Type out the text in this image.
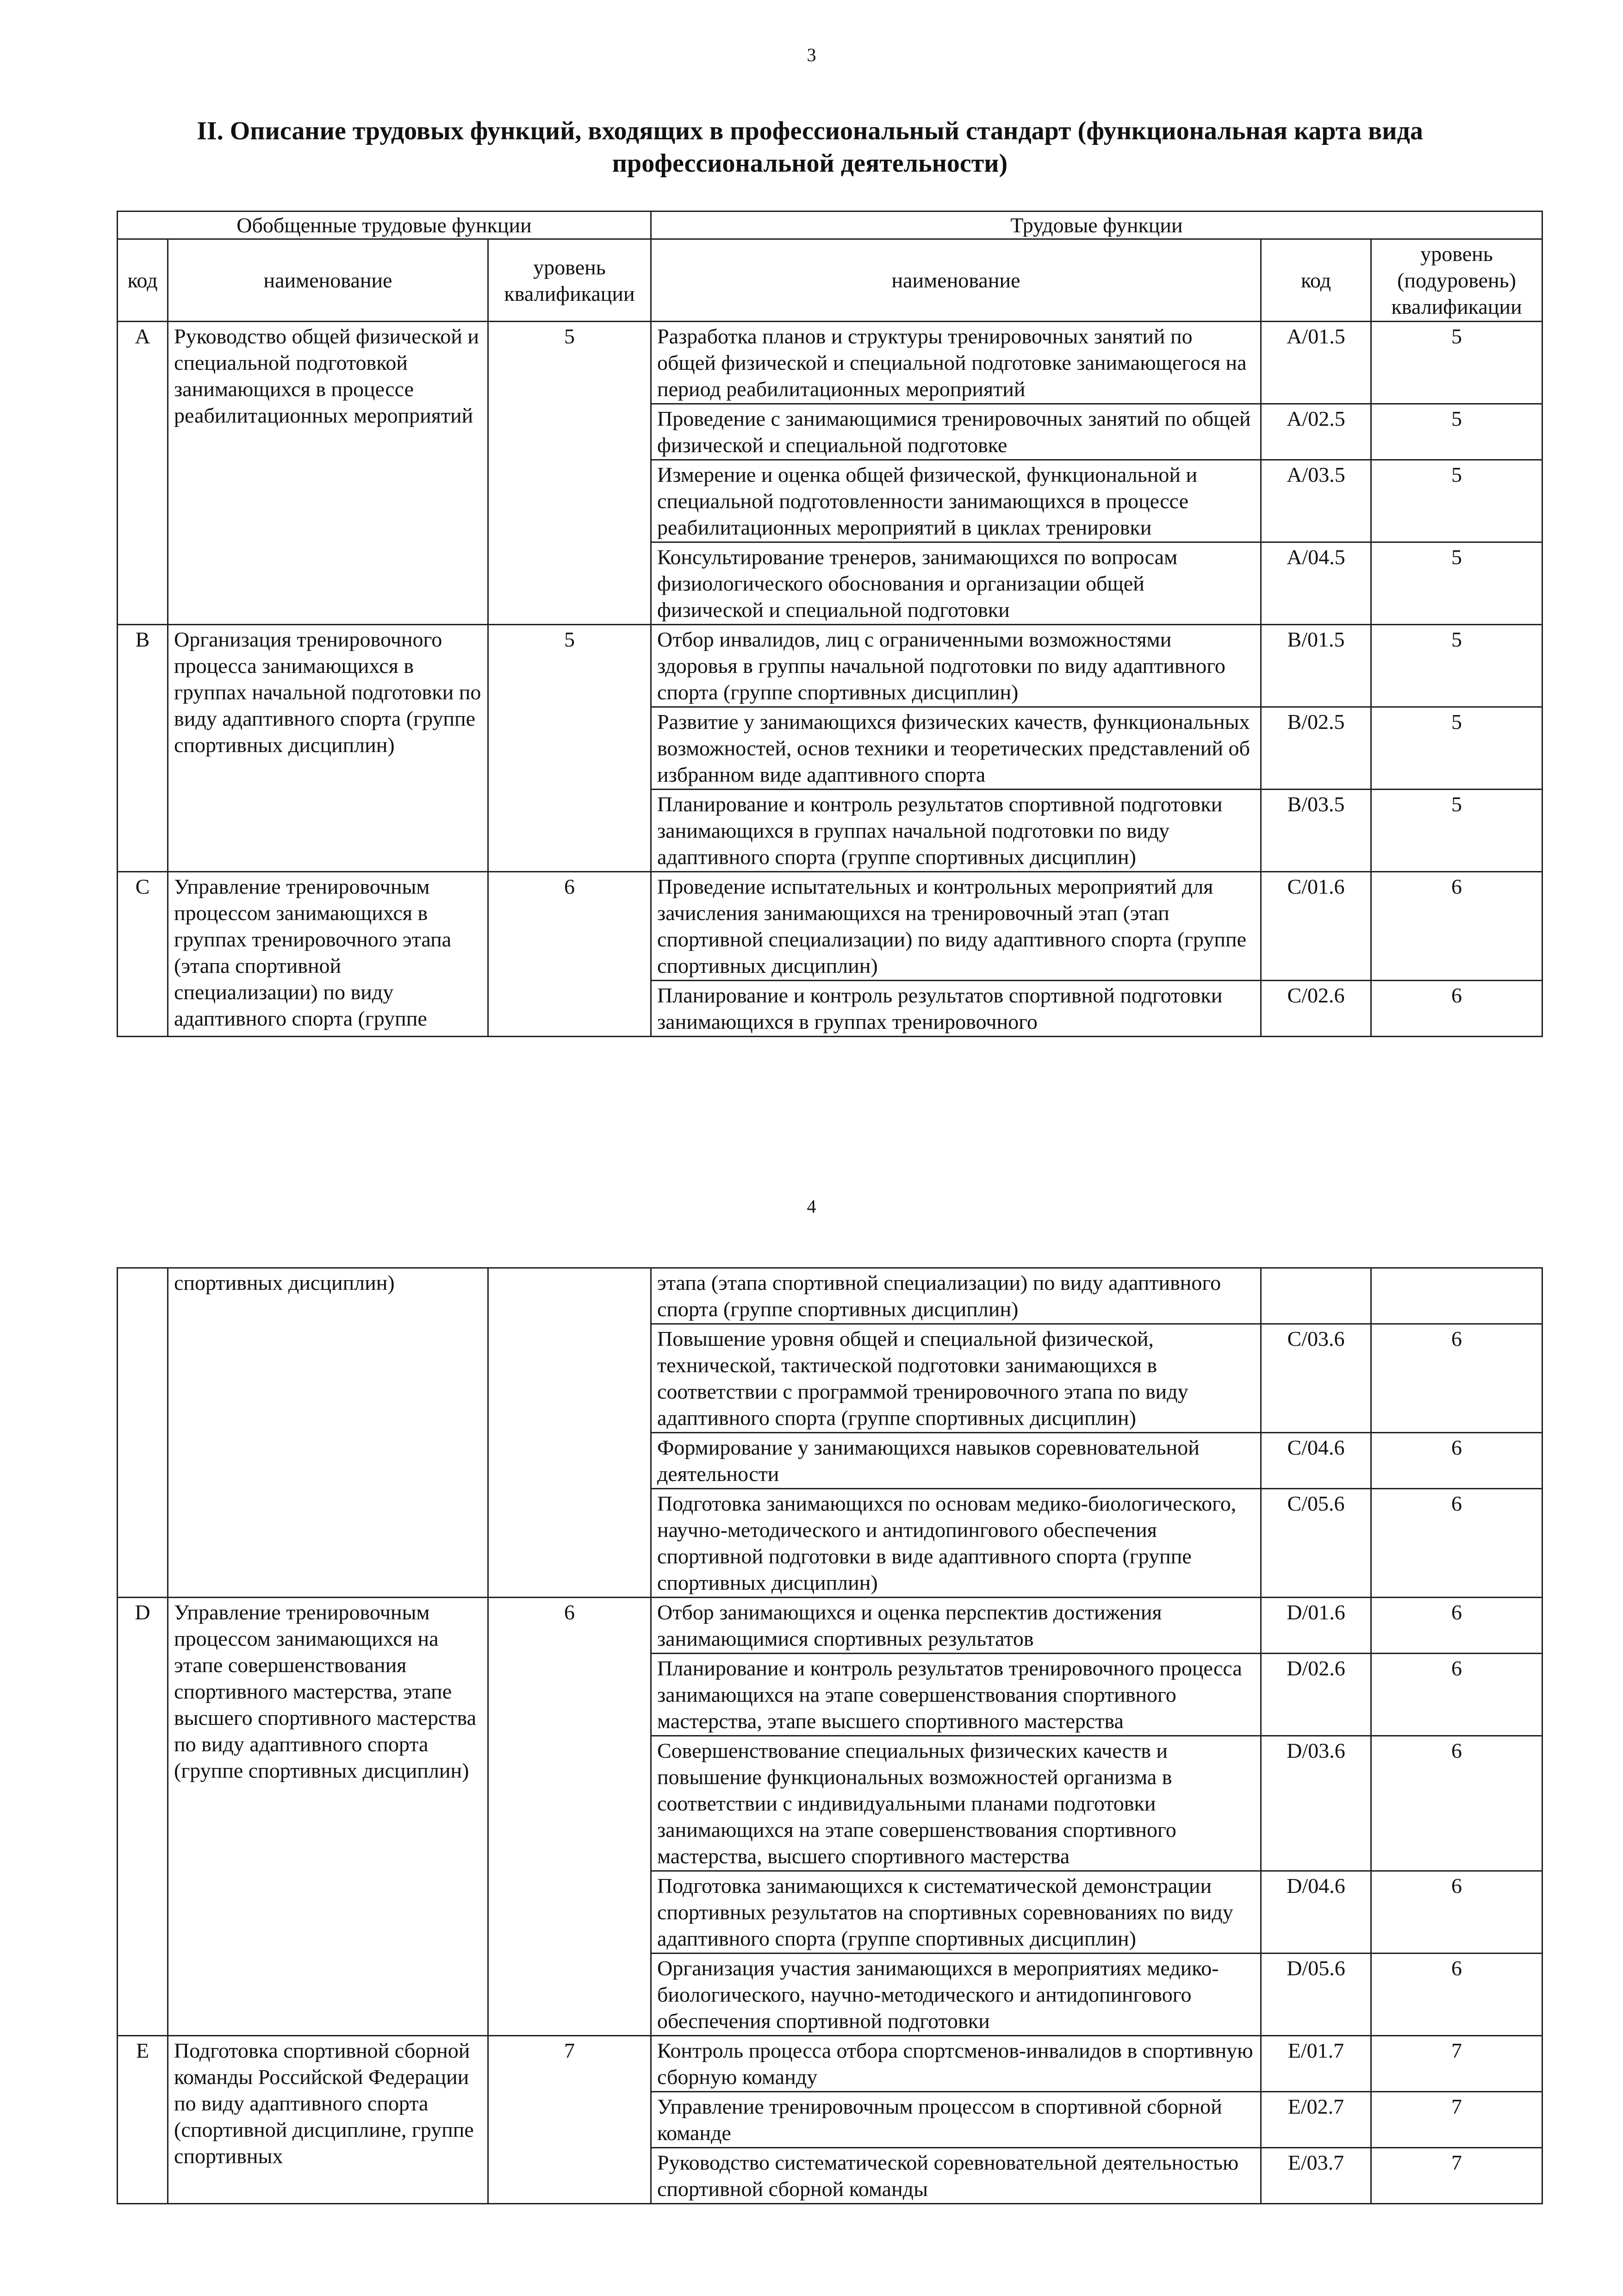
3
II. Описание трудовых функций, входящих в профессиональный стандарт (функциональная карта вида профессиональной деятельности)
Обобщенные трудовые функции			Трудовые функции		
код	наименование	уровень квалификации	наименование	код	уровень (подуровень) квалификации
A	Руководство общей физической и специальной подготовкой занимающихся в процессе реабилитационных мероприятий	5	Разработка планов и структуры тренировочных занятий по общей физической и специальной подготовке занимающегося на период реабилитационных мероприятий	A/01.5	5
			Проведение с занимающимися тренировочных занятий по общей физической и специальной подготовке	A/02.5	5
			Измерение и оценка общей физической, функциональной и специальной подготовленности занимающихся в процессе реабилитационных мероприятий в циклах тренировки	A/03.5	5
			Консультирование тренеров, занимающихся по вопросам физиологического обоснования и организации общей физической и специальной подготовки	A/04.5	5
B	Организация тренировочного процесса занимающихся в группах начальной подготовки по виду адаптивного спорта (группе спортивных дисциплин)	5	Отбор инвалидов, лиц с ограниченными возможностями здоровья в группы начальной подготовки по виду адаптивного спорта (группе спортивных дисциплин)	B/01.5	5
			Развитие у занимающихся физических качеств, функциональных возможностей, основ техники и теоретических представлений об избранном виде адаптивного спорта	B/02.5	5
			Планирование и контроль результатов спортивной подготовки занимающихся в группах начальной подготовки по виду адаптивного спорта (группе спортивных дисциплин)	B/03.5	5
C	Управление тренировочным процессом занимающихся в группах тренировочного этапа (этапа спортивной специализации) по виду адаптивного спорта (группе	6	Проведение испытательных и контрольных мероприятий для зачисления занимающихся на тренировочный этап (этап спортивной специализации) по виду адаптивного спорта (группе спортивных дисциплин)	C/01.6	6
			Планирование и контроль результатов спортивной подготовки занимающихся в группах тренировочного	C/02.6	6
4
	спортивных дисциплин)		этапа (этапа спортивной специализации) по виду адаптивного спорта (группе спортивных дисциплин)		
			Повышение уровня общей и специальной физической, технической, тактической подготовки занимающихся в соответствии с программой тренировочного этапа по виду адаптивного спорта (группе спортивных дисциплин)	C/03.6	6
			Формирование у занимающихся навыков соревновательной деятельности	C/04.6	6
			Подготовка занимающихся по основам медико-биологического, научно-методического и антидопингового обеспечения спортивной подготовки в виде адаптивного спорта (группе спортивных дисциплин)	C/05.6	6
D	Управление тренировочным процессом занимающихся на этапе совершенствования спортивного мастерства, этапе высшего спортивного мастерства по виду адаптивного спорта (группе спортивных дисциплин)	6	Отбор занимающихся и оценка перспектив достижения занимающимися спортивных результатов	D/01.6	6
			Планирование и контроль результатов тренировочного процесса занимающихся на этапе совершенствования спортивного мастерства, этапе высшего спортивного мастерства	D/02.6	6
			Совершенствование специальных физических качеств и повышение функциональных возможностей организма в соответствии с индивидуальными планами подготовки занимающихся на этапе совершенствования спортивного мастерства, высшего спортивного мастерства	D/03.6	6
			Подготовка занимающихся к систематической демонстрации спортивных результатов на спортивных соревнованиях по виду адаптивного спорта (группе спортивных дисциплин)	D/04.6	6
			Организация участия занимающихся в мероприятиях медико-биологического, научно-методического и антидопингового обеспечения спортивной подготовки	D/05.6	6
E	Подготовка спортивной сборной команды Российской Федерации по виду адаптивного спорта (спортивной дисциплине, группе спортивных	7	Контроль процесса отбора спортсменов-инвалидов в спортивную сборную команду	E/01.7	7
			Управление тренировочным процессом в спортивной сборной команде	E/02.7	7
			Руководство систематической соревновательной деятельностью спортивной сборной команды	E/03.7	7
